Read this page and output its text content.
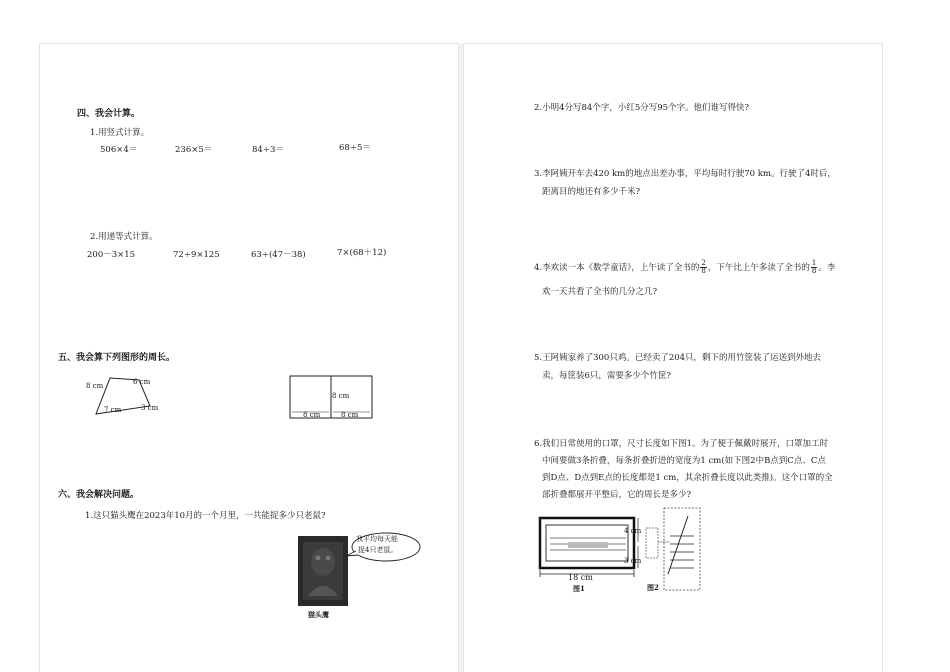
四、我会计算。
1.用竖式计算。
506×4＝	236×5＝	84÷3＝	68÷5＝
2.用递等式计算。
200－3×15	72÷9×125	63÷(47－38)	7×(68＋12)
五、我会算下列图形的周长。
8 cm	6 cm
7 cm	3 cm
8 cm
8 cm	8 cm
六、我会解决问题。
1.这只猫头鹰在2023年10月的一个月里，一共能捉多少只老鼠?
我平均每天能
捉4只老鼠。
猫头鹰
2.小明4分写84个字，小红5分写95个字。他们谁写得快?
3.李阿姨开车去420 km的地点出差办事，平均每时行驶70 km。行驶了4时后，
距离目的地还有多少千米?
4.李欢读一本《数学童话》，上午读了全书的 $\frac{2}{8}$ ，下午比上午多读了全书的 $\frac{1}{8}$ 。李
欢一天共看了全书的几分之几?
5.王阿姨家养了300只鸡。已经卖了204只，剩下的用竹筐装了运送到外地去
卖，每筐装6只，需要多少个竹筐?
6.我们日常使用的口罩，尺寸长度如下图1。为了便于佩戴时展开，口罩加工时
中间要做3条折叠，每条折叠折进的宽度为1 cm(如下图2中B点到C点、C点
到D点、D点到E点的长度都是1 cm，其余折叠长度以此类推)。这个口罩的全
部折叠都展开平整后，它的周长是多少?
4 cm
3 cm
18 cm
图1	图2
